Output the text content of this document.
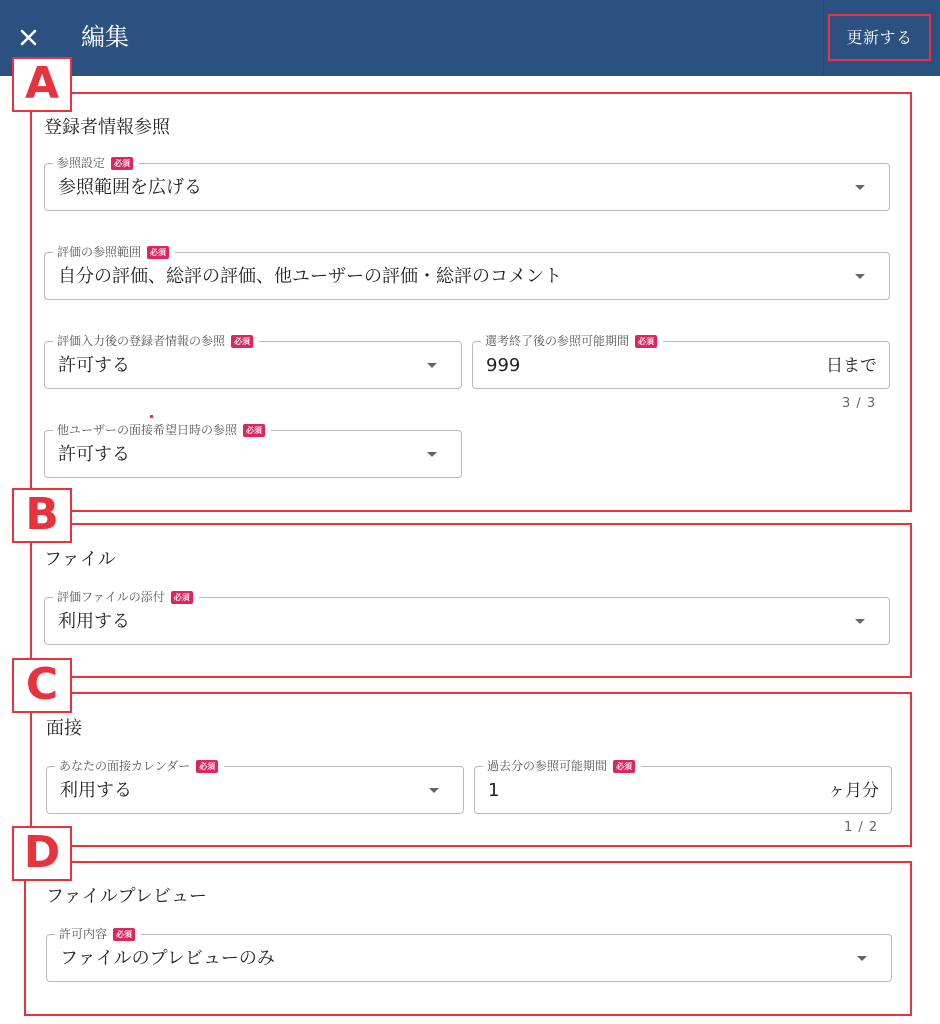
編集	更新する
A
B
C
D
登録者情報参照
参照設定	必須
参照範囲を広げる
評価の参照範囲	必須
自分の評価、総評の評価、他ユーザーの評価・総評のコメント
評価入力後の登録者情報の参照	必須
許可する
選考終了後の参照可能期間	必須
999	日まで
3 / 3
他ユーザーの面接希望日時の参照	必須
許可する
ファイル
評価ファイルの添付	必須
利用する
面接
あなたの面接カレンダー	必須
利用する
過去分の参照可能期間	必須
1	ヶ月分
1 / 2
ファイルプレビュー
許可内容	必須
ファイルのプレビューのみ
